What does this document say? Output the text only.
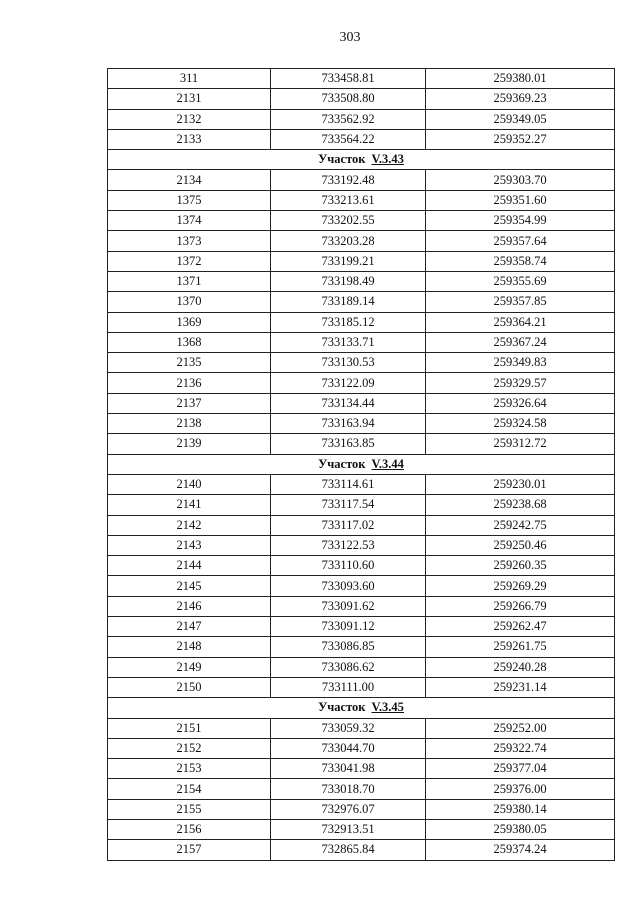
303
311	733458.81	259380.01
2131	733508.80	259369.23
2132	733562.92	259349.05
2133	733564.22	259352.27
Участок V.3.43		
2134	733192.48	259303.70
1375	733213.61	259351.60
1374	733202.55	259354.99
1373	733203.28	259357.64
1372	733199.21	259358.74
1371	733198.49	259355.69
1370	733189.14	259357.85
1369	733185.12	259364.21
1368	733133.71	259367.24
2135	733130.53	259349.83
2136	733122.09	259329.57
2137	733134.44	259326.64
2138	733163.94	259324.58
2139	733163.85	259312.72
Участок V.3.44		
2140	733114.61	259230.01
2141	733117.54	259238.68
2142	733117.02	259242.75
2143	733122.53	259250.46
2144	733110.60	259260.35
2145	733093.60	259269.29
2146	733091.62	259266.79
2147	733091.12	259262.47
2148	733086.85	259261.75
2149	733086.62	259240.28
2150	733111.00	259231.14
Участок V.3.45		
2151	733059.32	259252.00
2152	733044.70	259322.74
2153	733041.98	259377.04
2154	733018.70	259376.00
2155	732976.07	259380.14
2156	732913.51	259380.05
2157	732865.84	259374.24
